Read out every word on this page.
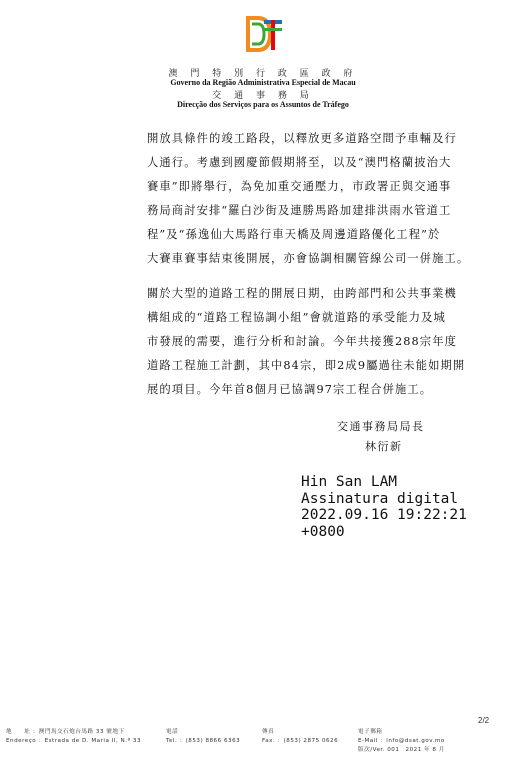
澳 門 特 別 行 政 區 政 府
Governo da Região Administrativa Especial de Macau
交 通 事 務 局
Direcção dos Serviços para os Assuntos de Tráfego
開放具條件的竣工路段，以釋放更多道路空間予車輛及行
人通行。考慮到國慶節假期將至，以及“澳門格蘭披治大
賽車”即將舉行，為免加重交通壓力，市政署正與交通事
務局商討安排“羅白沙街及連勝馬路加建排洪雨水管道工
程”及“孫逸仙大馬路行車天橋及周邊道路優化工程”於
大賽車賽事結束後開展，亦會協調相關管線公司一併施工。
關於大型的道路工程的開展日期，由跨部門和公共事業機
構組成的“道路工程協調小組”會就道路的承受能力及城
市發展的需要，進行分析和討論。今年共接獲288宗年度
道路工程施工計劃，其中84宗，即2成9屬過往未能如期開
展的項目。今年首8個月已協調97宗工程合併施工。
交通事務局局長
林衍新
Hin San LAM
Assinatura digital
2022.09.16 19:22:21
+0800
2/2
地　　址 ：澳門馬交石炮台馬路 33 號地下
Endereço ：Estrada de D. Maria II, N.º 33
電話
Tel. ：(853) 8866 6363
傳真
Fax. ：(853) 2875 0626
電子郵箱
E-Mail ：info@dsat.gov.mo
版次/Ver. 001　2021 年 8 月
